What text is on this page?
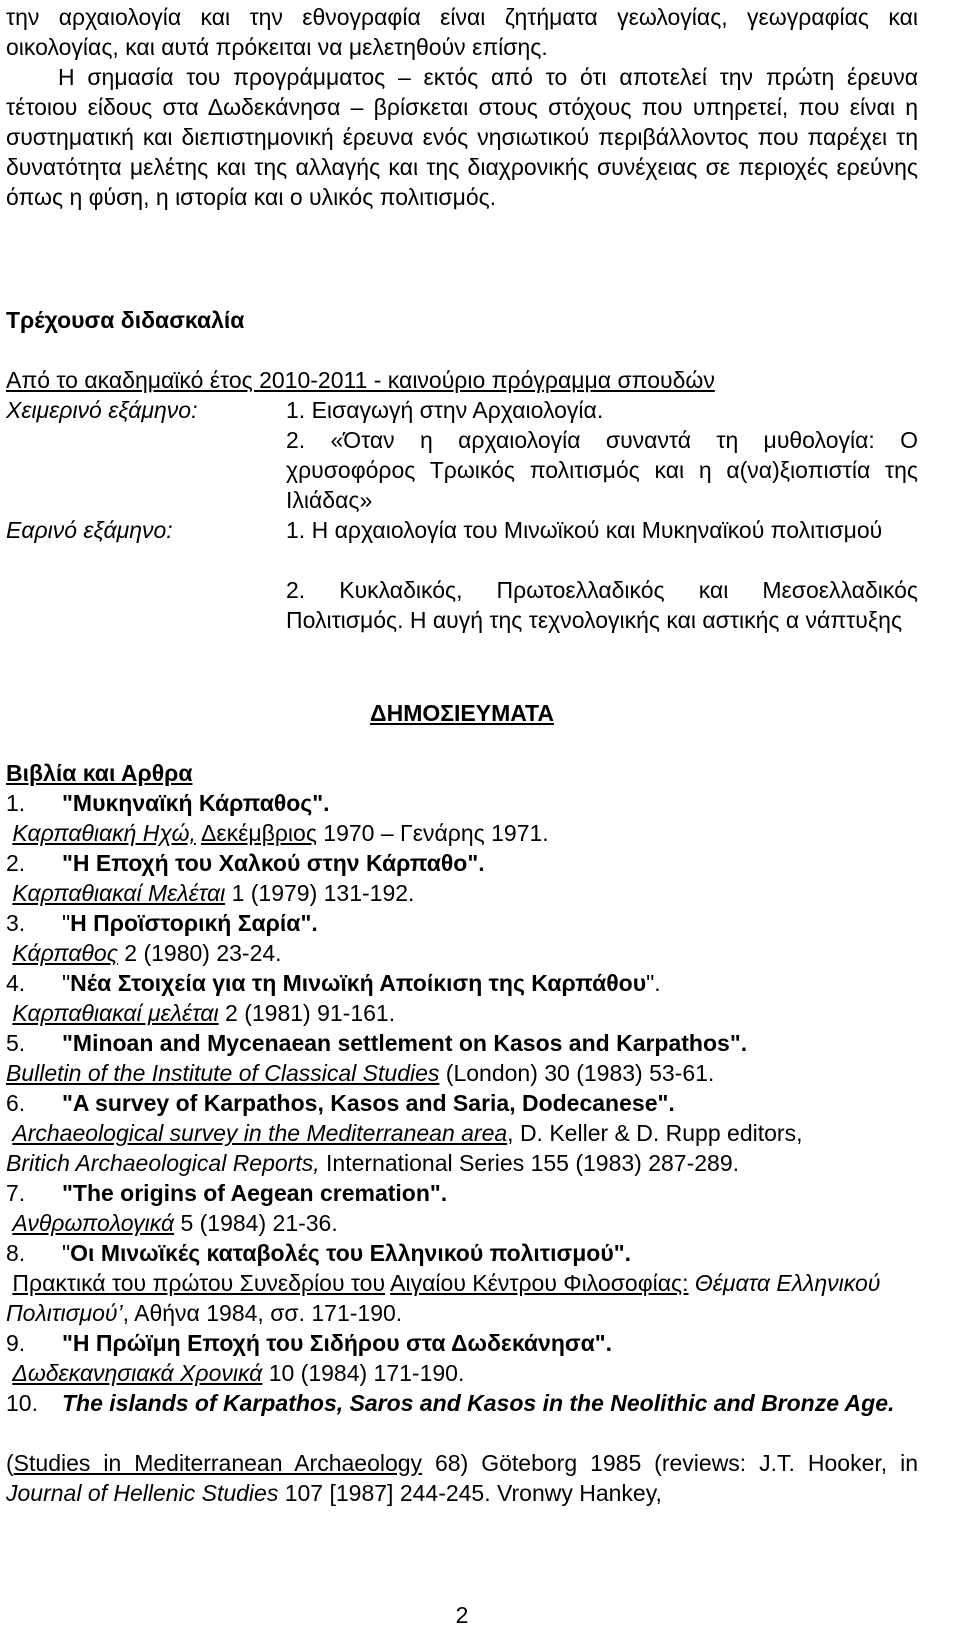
την αρχαιολογία και την εθνογραφία είναι ζητήματα γεωλογίας, γεωγραφίας και οικολογίας, και αυτά πρόκειται να μελετηθούν επίσης.

Η σημασία του προγράμματος – εκτός από το ότι αποτελεί την πρώτη έρευνα τέτοιου είδους στα Δωδεκάνησα – βρίσκεται στους στόχους που υπηρετεί, που είναι η συστηματική και διεπιστημονική έρευνα ενός νησιωτικού περιβάλλοντος που παρέχει τη δυνατότητα μελέτης και της αλλαγής και της διαχρονικής συνέχειας σε περιοχές ερεύνης όπως η φύση, η ιστορία και ο υλικός πολιτισμός.

Τρέχουσα διδασκαλία
Από το ακαδημαϊκό έτος 2010-2011 - καινούριο πρόγραμμα σπουδών
Χειμερινό εξάμηνο:	1. Εισαγωγή στην Αρχαιολογία.
2. «Όταν η αρχαιολογία συναντά τη μυθολογία: Ο χρυσοφόρος Τρωικός πολιτισμός και η α(να)ξιοπιστία της Ιλιάδας»
Εαρινό εξάμηνο:	1. Η αρχαιολογία του Μινωϊκού και Μυκηναϊκού πολιτισμού
2. Κυκλαδικός, Πρωτοελλαδικός και Μεσοελλαδικός Πολιτισμός. Η αυγή της τεχνολογικής και αστικής α νάπτυξης
ΔΗΜΟΣΙΕΥΜΑΤΑ
Βιβλία και Αρθρα
1. "Μυκηναϊκή Κάρπαθος".
Καρπαθιακή Ηχώ, Δεκέμβριος 1970 – Γενάρης 1971.
2. "Η Εποχή του Χαλκού στην Κάρπαθο".
Καρπαθιακαί Μελέται 1 (1979) 131-192.
3. "Η Προϊστορική Σαρία".
Κάρπαθος 2 (1980) 23-24.
4. "Νέα Στοιχεία για τη Μινωϊκή Αποίκιση της Καρπάθου".
Καρπαθιακαί μελέται 2 (1981) 91-161.
5. "Minoan and Mycenaean settlement on Kasos and Karpathos".
Bulletin of the Institute of Classical Studies (London) 30 (1983) 53-61.
6. "A survey of Karpathos, Kasos and Saria, Dodecanese".
Archaeological survey in the Mediterranean area, D. Keller & D. Rupp editors,
Britich Archaeological Reports, International Series 155 (1983) 287-289.
7. "The origins of Aegean cremation".
Ανθρωπολογικά 5 (1984) 21-36.
8. "Οι Μινωϊκές καταβολές του Ελληνικού πολιτισμού".
Πρακτικά του πρώτου Συνεδρίου του Αιγαίου Κέντρου Φιλοσοφίας: Θέματα Ελληνικού Πολιτισμού’, Αθήνα 1984, σσ. 171-190.
9. "Η Πρώϊμη Εποχή του Σιδήρου στα Δωδεκάνησα".
Δωδεκανησιακά Χρονικά 10 (1984) 171-190.
10. The islands of Karpathos, Saros and Kasos in the Neolithic and Bronze Age.
(Studies in Mediterranean Archaeology 68) Göteborg 1985 (reviews: J.T. Hooker, in Journal of Hellenic Studies 107 [1987] 244-245. Vronwy Hankey,
2
